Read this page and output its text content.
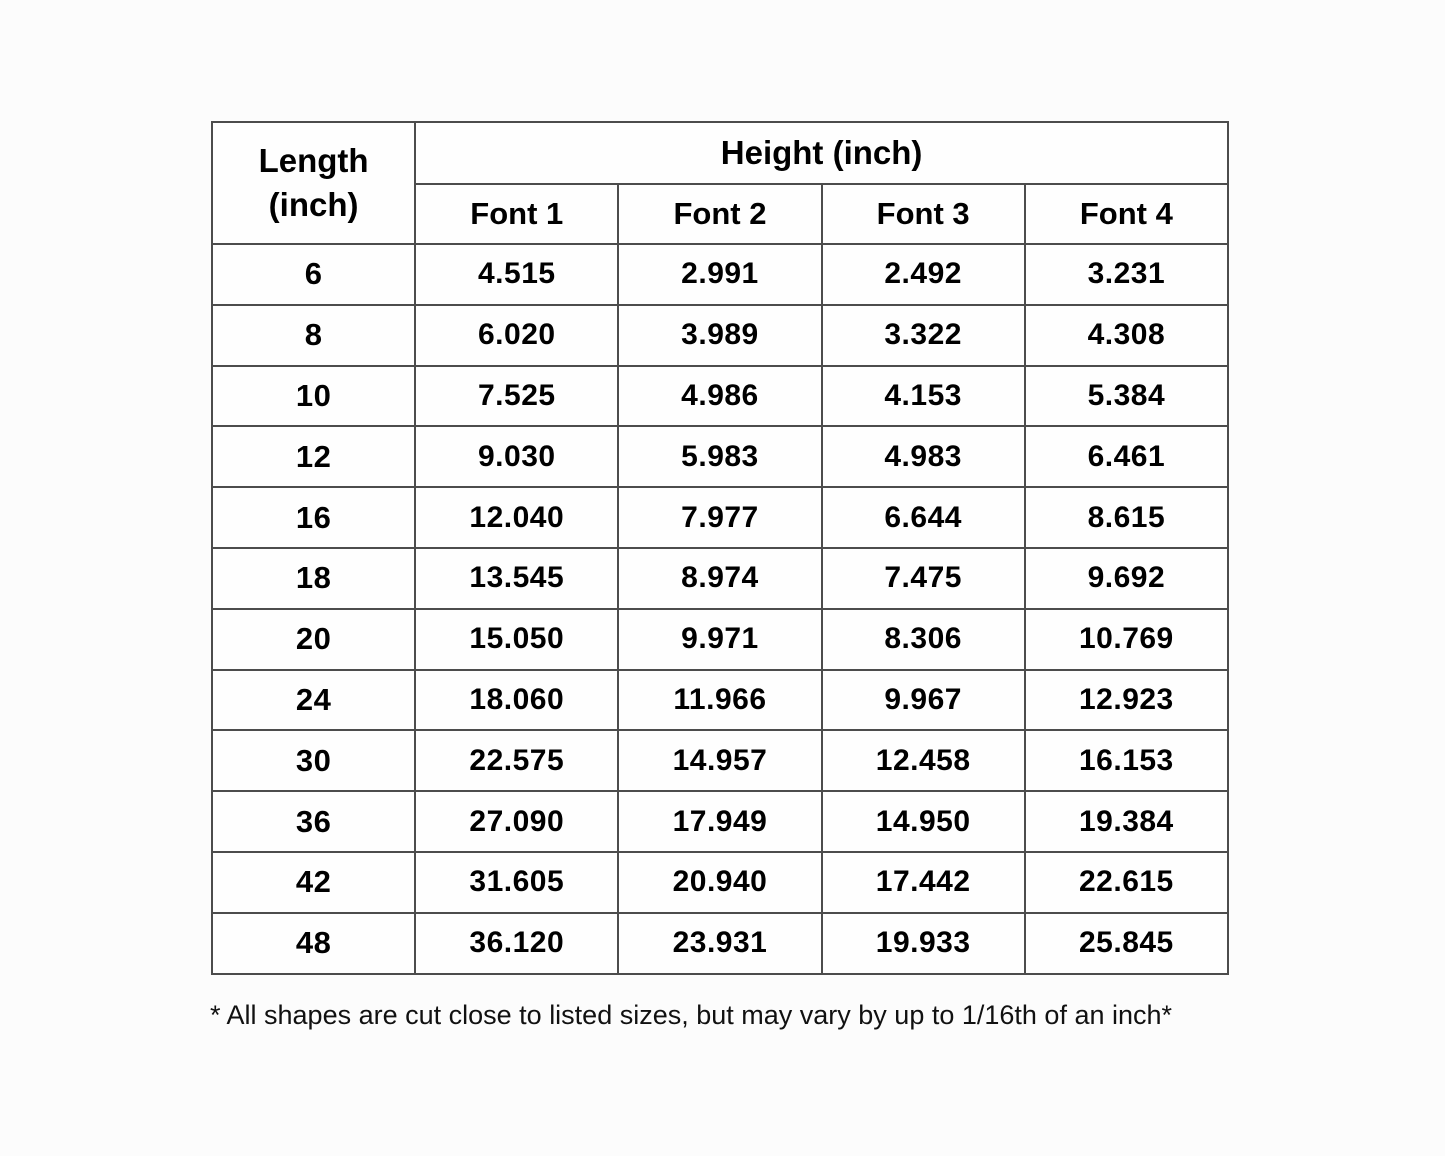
Length
(inch)	Height (inch)			
	Font 1	Font 2	Font 3	Font 4
6	4.515	2.991	2.492	3.231
8	6.020	3.989	3.322	4.308
10	7.525	4.986	4.153	5.384
12	9.030	5.983	4.983	6.461
16	12.040	7.977	6.644	8.615
18	13.545	8.974	7.475	9.692
20	15.050	9.971	8.306	10.769
24	18.060	11.966	9.967	12.923
30	22.575	14.957	12.458	16.153
36	27.090	17.949	14.950	19.384
42	31.605	20.940	17.442	22.615
48	36.120	23.931	19.933	25.845

* All shapes are cut close to listed sizes, but may vary by up to 1/16th of an inch*
